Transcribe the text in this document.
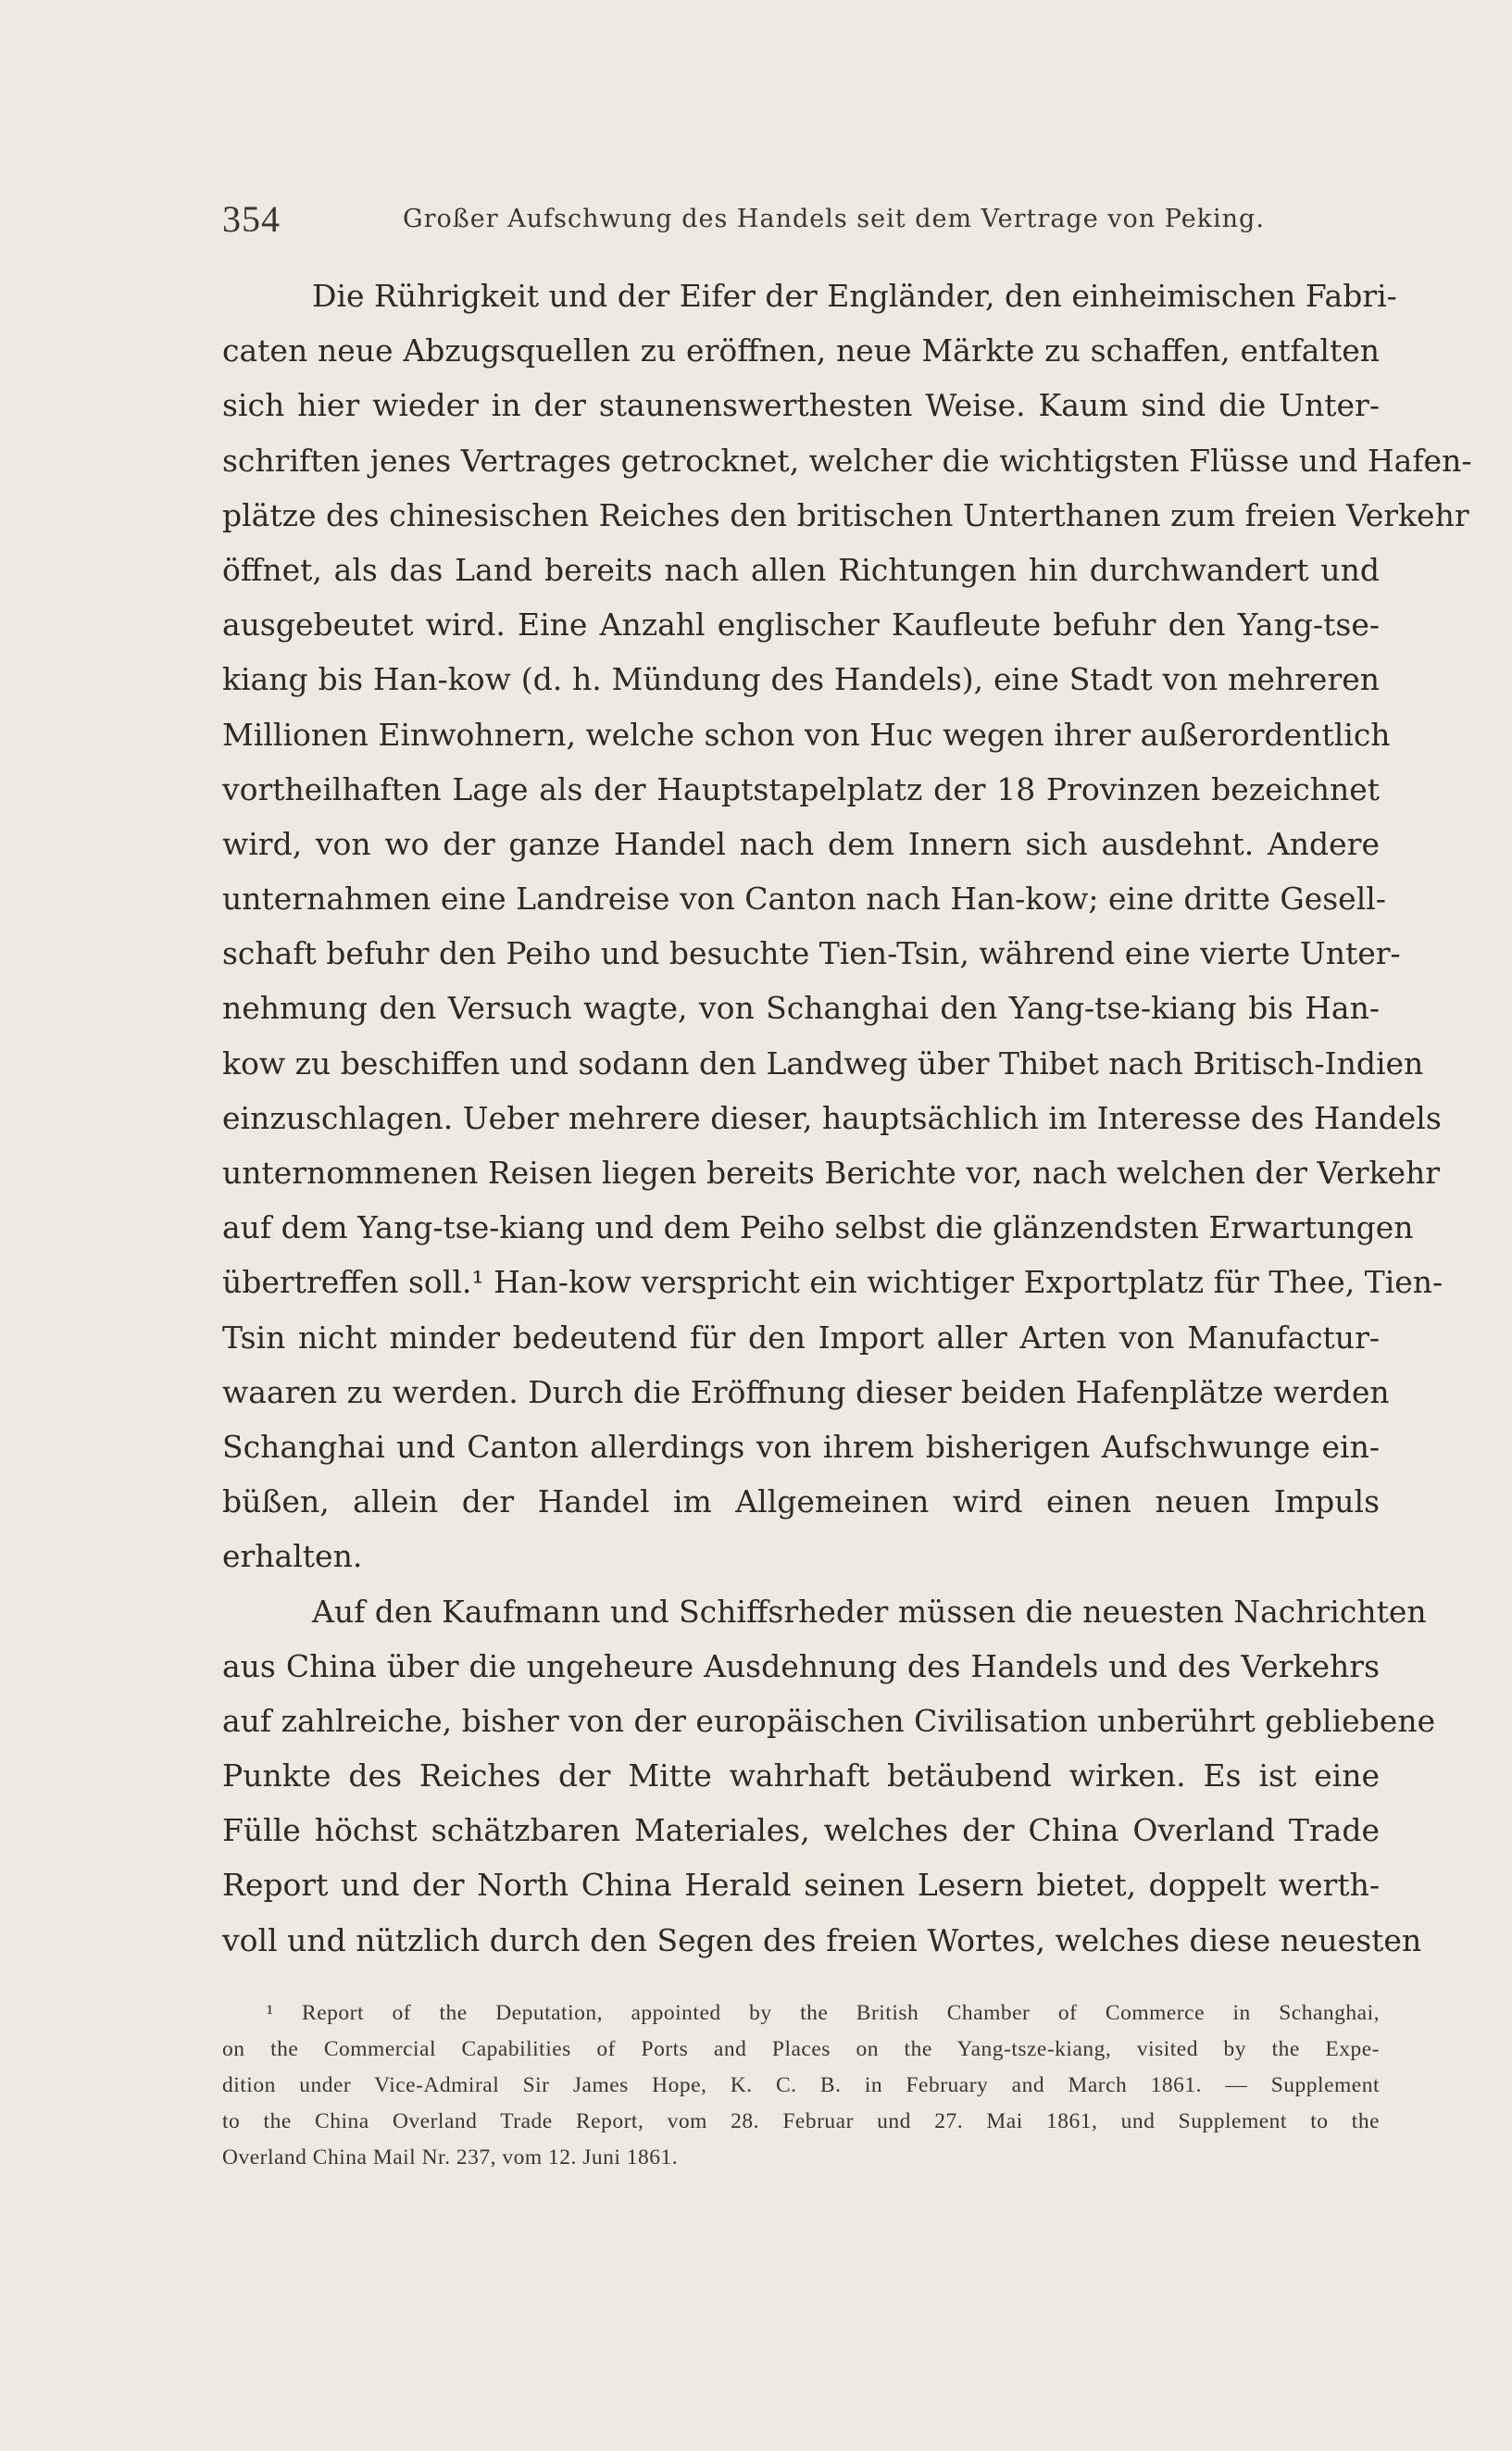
354	Großer Aufschwung des Handels seit dem Vertrage von Peking.
Die Rührigkeit und der Eifer der Engländer, den einheimischen Fabri-
caten neue Abzugsquellen zu eröffnen, neue Märkte zu schaffen, entfalten
sich hier wieder in der staunenswerthesten Weise. Kaum sind die Unter-
schriften jenes Vertrages getrocknet, welcher die wichtigsten Flüsse und Hafen-
plätze des chinesischen Reiches den britischen Unterthanen zum freien Verkehr
öffnet, als das Land bereits nach allen Richtungen hin durchwandert und
ausgebeutet wird. Eine Anzahl englischer Kaufleute befuhr den Yang-tse-
kiang bis Han-kow (d. h. Mündung des Handels), eine Stadt von mehreren
Millionen Einwohnern, welche schon von Huc wegen ihrer außerordentlich
vortheilhaften Lage als der Hauptstapelplatz der 18 Provinzen bezeichnet
wird, von wo der ganze Handel nach dem Innern sich ausdehnt. Andere
unternahmen eine Landreise von Canton nach Han-kow; eine dritte Gesell-
schaft befuhr den Peiho und besuchte Tien-Tsin, während eine vierte Unter-
nehmung den Versuch wagte, von Schanghai den Yang-tse-kiang bis Han-
kow zu beschiffen und sodann den Landweg über Thibet nach Britisch-Indien
einzuschlagen. Ueber mehrere dieser, hauptsächlich im Interesse des Handels
unternommenen Reisen liegen bereits Berichte vor, nach welchen der Verkehr
auf dem Yang-tse-kiang und dem Peiho selbst die glänzendsten Erwartungen
übertreffen soll.¹ Han-kow verspricht ein wichtiger Exportplatz für Thee, Tien-
Tsin nicht minder bedeutend für den Import aller Arten von Manufactur-
waaren zu werden. Durch die Eröffnung dieser beiden Hafenplätze werden
Schanghai und Canton allerdings von ihrem bisherigen Aufschwunge ein-
büßen, allein der Handel im Allgemeinen wird einen neuen Impuls
erhalten.
Auf den Kaufmann und Schiffsrheder müssen die neuesten Nachrichten
aus China über die ungeheure Ausdehnung des Handels und des Verkehrs
auf zahlreiche, bisher von der europäischen Civilisation unberührt gebliebene
Punkte des Reiches der Mitte wahrhaft betäubend wirken. Es ist eine
Fülle höchst schätzbaren Materiales, welches der China Overland Trade
Report und der North China Herald seinen Lesern bietet, doppelt werth-
voll und nützlich durch den Segen des freien Wortes, welches diese neuesten
¹ Report of the Deputation, appointed by the British Chamber of Commerce in Schanghai,
on the Commercial Capabilities of Ports and Places on the Yang-tsze-kiang, visited by the Expe-
dition under Vice-Admiral Sir James Hope, K. C. B. in February and March 1861. — Supplement
to the China Overland Trade Report, vom 28. Februar und 27. Mai 1861, und Supplement to the
Overland China Mail Nr. 237, vom 12. Juni 1861.
